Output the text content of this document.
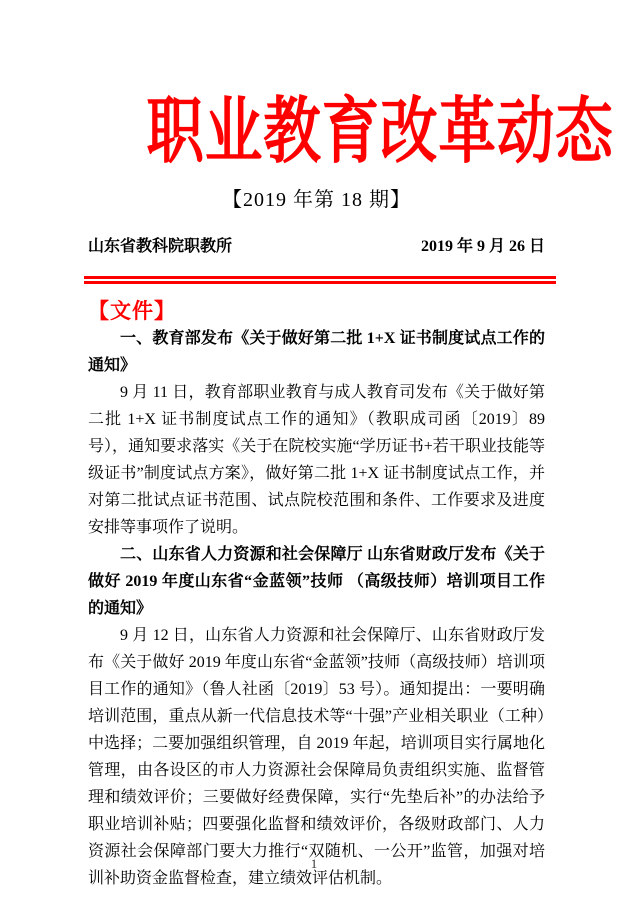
职业教育改革动态
【2019 年第 18 期】
山东省教科院职教所	2019 年 9 月 26 日
【文件】

一、教育部发布《关于做好第二批 1+X 证书制度试点工作的通知》

9 月 11 日，教育部职业教育与成人教育司发布《关于做好第二批 1+X 证书制度试点工作的通知》（教职成司函〔2019〕89 号），通知要求落实《关于在院校实施“学历证书+若干职业技能等级证书”制度试点方案》，做好第二批 1+X 证书制度试点工作，并对第二批试点证书范围、试点院校范围和条件、工作要求及进度安排等事项作了说明。

二、山东省人力资源和社会保障厅 山东省财政厅发布《关于做好 2019 年度山东省“金蓝领”技师 （高级技师）培训项目工作的通知》

9 月 12 日，山东省人力资源和社会保障厅、山东省财政厅发布《关于做好 2019 年度山东省“金蓝领”技师（高级技师）培训项目工作的通知》（鲁人社函〔2019〕53 号）。通知提出：一要明确培训范围，重点从新一代信息技术等“十强”产业相关职业（工种）中选择；二要加强组织管理，自 2019 年起，培训项目实行属地化管理，由各设区的市人力资源社会保障局负责组织实施、监督管理和绩效评价；三要做好经费保障，实行“先垫后补”的办法给予职业培训补贴；四要强化监督和绩效评价，各级财政部门、人力资源社会保障部门要大力推行“双随机、一公开”监管，加强对培训补助资金监督检查，建立绩效评估机制。

1
